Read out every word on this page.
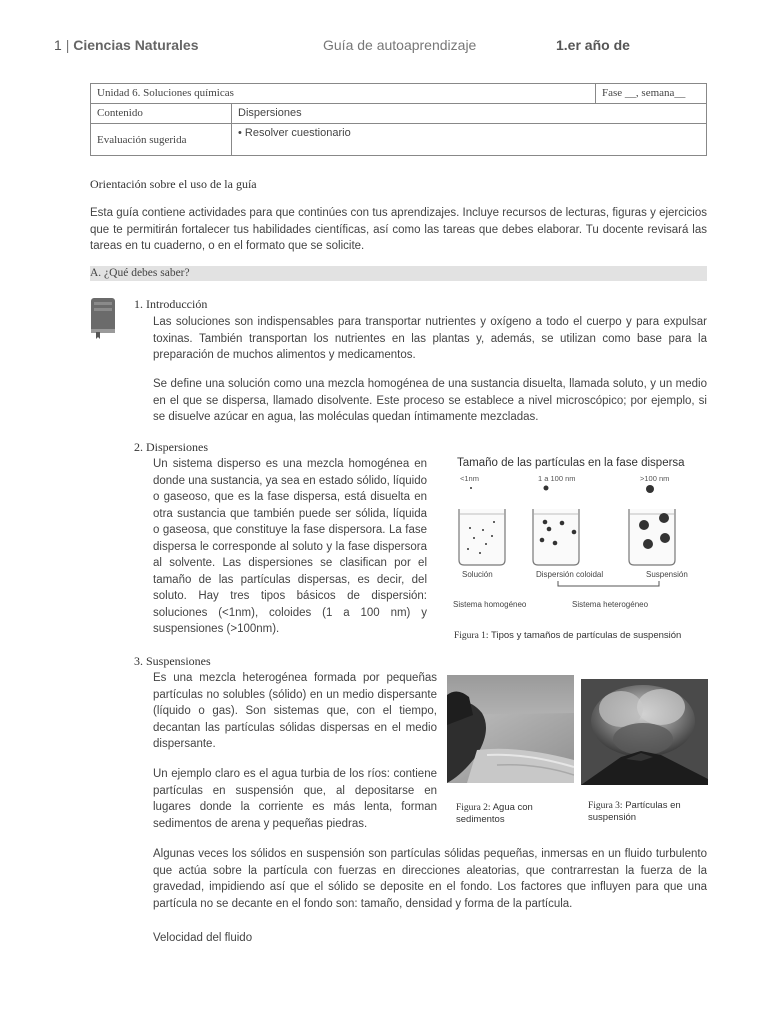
1 | Ciencias Naturales	Guía de autoaprendizaje	1.er año de
Unidad 6. Soluciones químicas		Fase __, semana__
Contenido	Dispersiones	
Evaluación sugerida	• Resolver cuestionario	
Orientación sobre el uso de la guía
Esta guía contiene actividades para que continúes con tus aprendizajes. Incluye recursos de lecturas, figuras y ejercicios que te permitirán fortalecer tus habilidades científicas, así como las tareas que debes elaborar. Tu docente revisará las tareas en tu cuaderno, o en el formato que se solicite.
A. ¿Qué debes saber?
1. Introducción
Las soluciones son indispensables para transportar nutrientes y oxígeno a todo el cuerpo y para expulsar toxinas. También transportan los nutrientes en las plantas y, además, se utilizan como base para la preparación de muchos alimentos y medicamentos.
Se define una solución como una mezcla homogénea de una sustancia disuelta, llamada soluto, y un medio en el que se dispersa, llamado disolvente. Este proceso se establece a nivel microscópico; por ejemplo, si se disuelve azúcar en agua, las moléculas quedan íntimamente mezcladas.
2. Dispersiones
Un sistema disperso es una mezcla homogénea en donde una sustancia, ya sea en estado sólido, líquido o gaseoso, que es la fase dispersa, está disuelta en otra sustancia que también puede ser sólida, líquida o gaseosa, que constituye la fase dispersora. La fase dispersa le corresponde al soluto y la fase dispersora al solvente. Las dispersiones se clasifican por el tamaño de las partículas dispersas, es decir, del soluto. Hay tres tipos básicos de dispersión: soluciones (<1nm), coloides (1 a 100 nm) y suspensiones (>100nm).
Tamaño de las partículas en la fase dispersa
<1nm	1 a 100 nm	>100 nm
Solución	Dispersión coloidal	Suspensión
Sistema homogéneo	Sistema heterogéneo
Figura 1: Tipos y tamaños de partículas de suspensión
3. Suspensiones
Es una mezcla heterogénea formada por pequeñas partículas no solubles (sólido) en un medio dispersante (líquido o gas). Son sistemas que, con el tiempo, decantan las partículas sólidas dispersas en el medio dispersante.
Un ejemplo claro es el agua turbia de los ríos: contiene partículas en suspensión que, al depositarse en lugares donde la corriente es más lenta, forman sedimentos de arena y pequeñas piedras.
Figura 2: Agua con sedimentos
Figura 3: Partículas en suspensión
Algunas veces los sólidos en suspensión son partículas sólidas pequeñas, inmersas en un fluido turbulento que actúa sobre la partícula con fuerzas en direcciones aleatorias, que contrarrestan la fuerza de la gravedad, impidiendo así que el sólido se deposite en el fondo. Los factores que influyen para que una partícula no se decante en el fondo son: tamaño, densidad y forma de la partícula.
Velocidad del fluido
